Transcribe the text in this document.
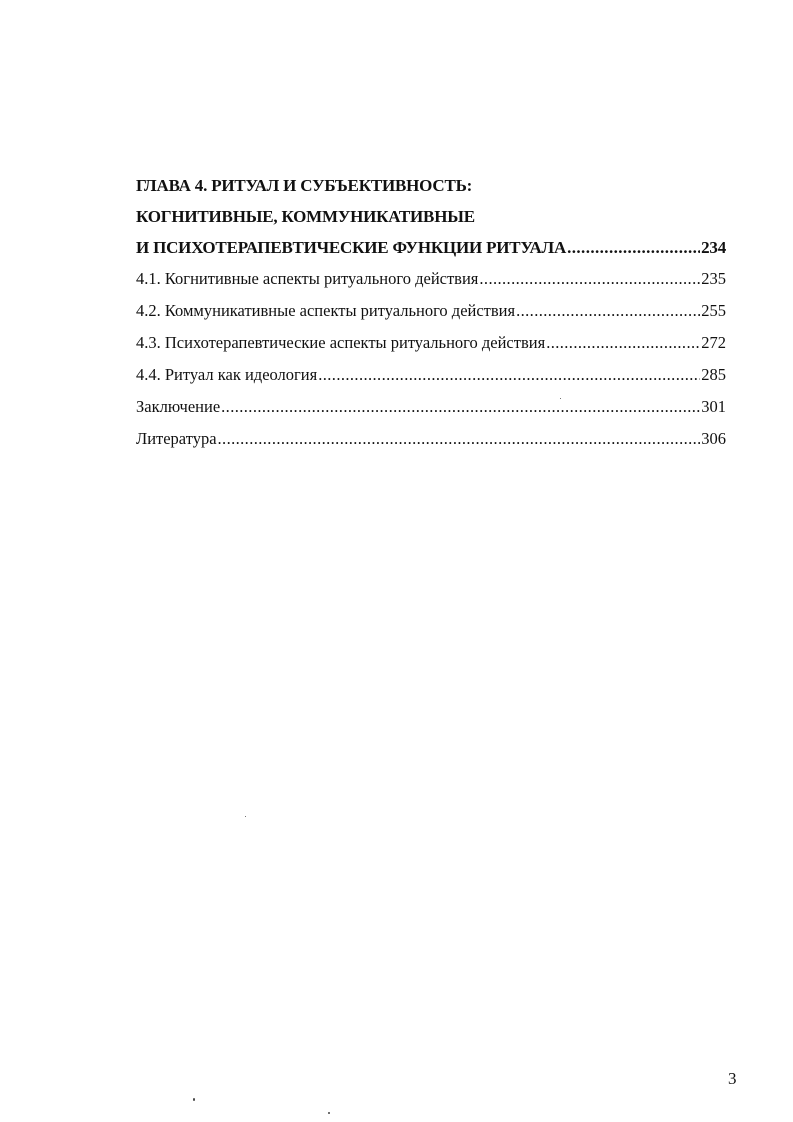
ГЛАВА 4. РИТУАЛ И СУБЪЕКТИВНОСТЬ:
КОГНИТИВНЫЕ, КОММУНИКАТИВНЫЕ
И ПСИХОТЕРАПЕВТИЧЕСКИЕ ФУНКЦИИ РИТУАЛА .....	234
4.1. Когнитивные аспекты ритуального действия .....	235
4.2. Коммуникативные аспекты ритуального действия .....	255
4.3. Психотерапевтические аспекты ритуального действия .....	272
4.4. Ритуал как идеология .....	285
Заключение .....	301
Литература .....	306
3
